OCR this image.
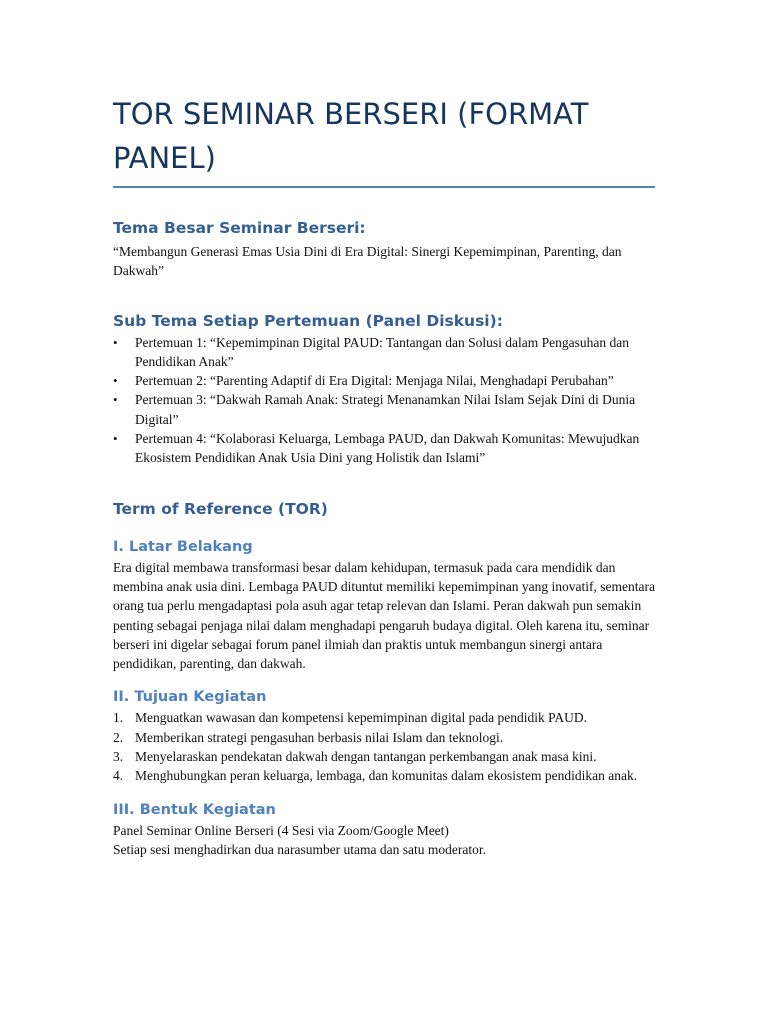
TOR SEMINAR BERSERI (FORMAT PANEL)
Tema Besar Seminar Berseri:

“Membangun Generasi Emas Usia Dini di Era Digital: Sinergi Kepemimpinan, Parenting, dan Dakwah”

Sub Tema Setiap Pertemuan (Panel Diskusi):
• Pertemuan 1: “Kepemimpinan Digital PAUD: Tantangan dan Solusi dalam Pengasuhan dan Pendidikan Anak”
• Pertemuan 2: “Parenting Adaptif di Era Digital: Menjaga Nilai, Menghadapi Perubahan”
• Pertemuan 3: “Dakwah Ramah Anak: Strategi Menanamkan Nilai Islam Sejak Dini di Dunia Digital”
• Pertemuan 4: “Kolaborasi Keluarga, Lembaga PAUD, dan Dakwah Komunitas: Mewujudkan Ekosistem Pendidikan Anak Usia Dini yang Holistik dan Islami”
Term of Reference (TOR)
I. Latar Belakang

Era digital membawa transformasi besar dalam kehidupan, termasuk pada cara mendidik dan membina anak usia dini. Lembaga PAUD dituntut memiliki kepemimpinan yang inovatif, sementara orang tua perlu mengadaptasi pola asuh agar tetap relevan dan Islami. Peran dakwah pun semakin penting sebagai penjaga nilai dalam menghadapi pengaruh budaya digital. Oleh karena itu, seminar berseri ini digelar sebagai forum panel ilmiah dan praktis untuk membangun sinergi antara pendidikan, parenting, dan dakwah.

II. Tujuan Kegiatan
1. Menguatkan wawasan dan kompetensi kepemimpinan digital pada pendidik PAUD.
2. Memberikan strategi pengasuhan berbasis nilai Islam dan teknologi.
3. Menyelaraskan pendekatan dakwah dengan tantangan perkembangan anak masa kini.
4. Menghubungkan peran keluarga, lembaga, dan komunitas dalam ekosistem pendidikan anak.
III. Bentuk Kegiatan

Panel Seminar Online Berseri (4 Sesi via Zoom/Google Meet)

Setiap sesi menghadirkan dua narasumber utama dan satu moderator.
